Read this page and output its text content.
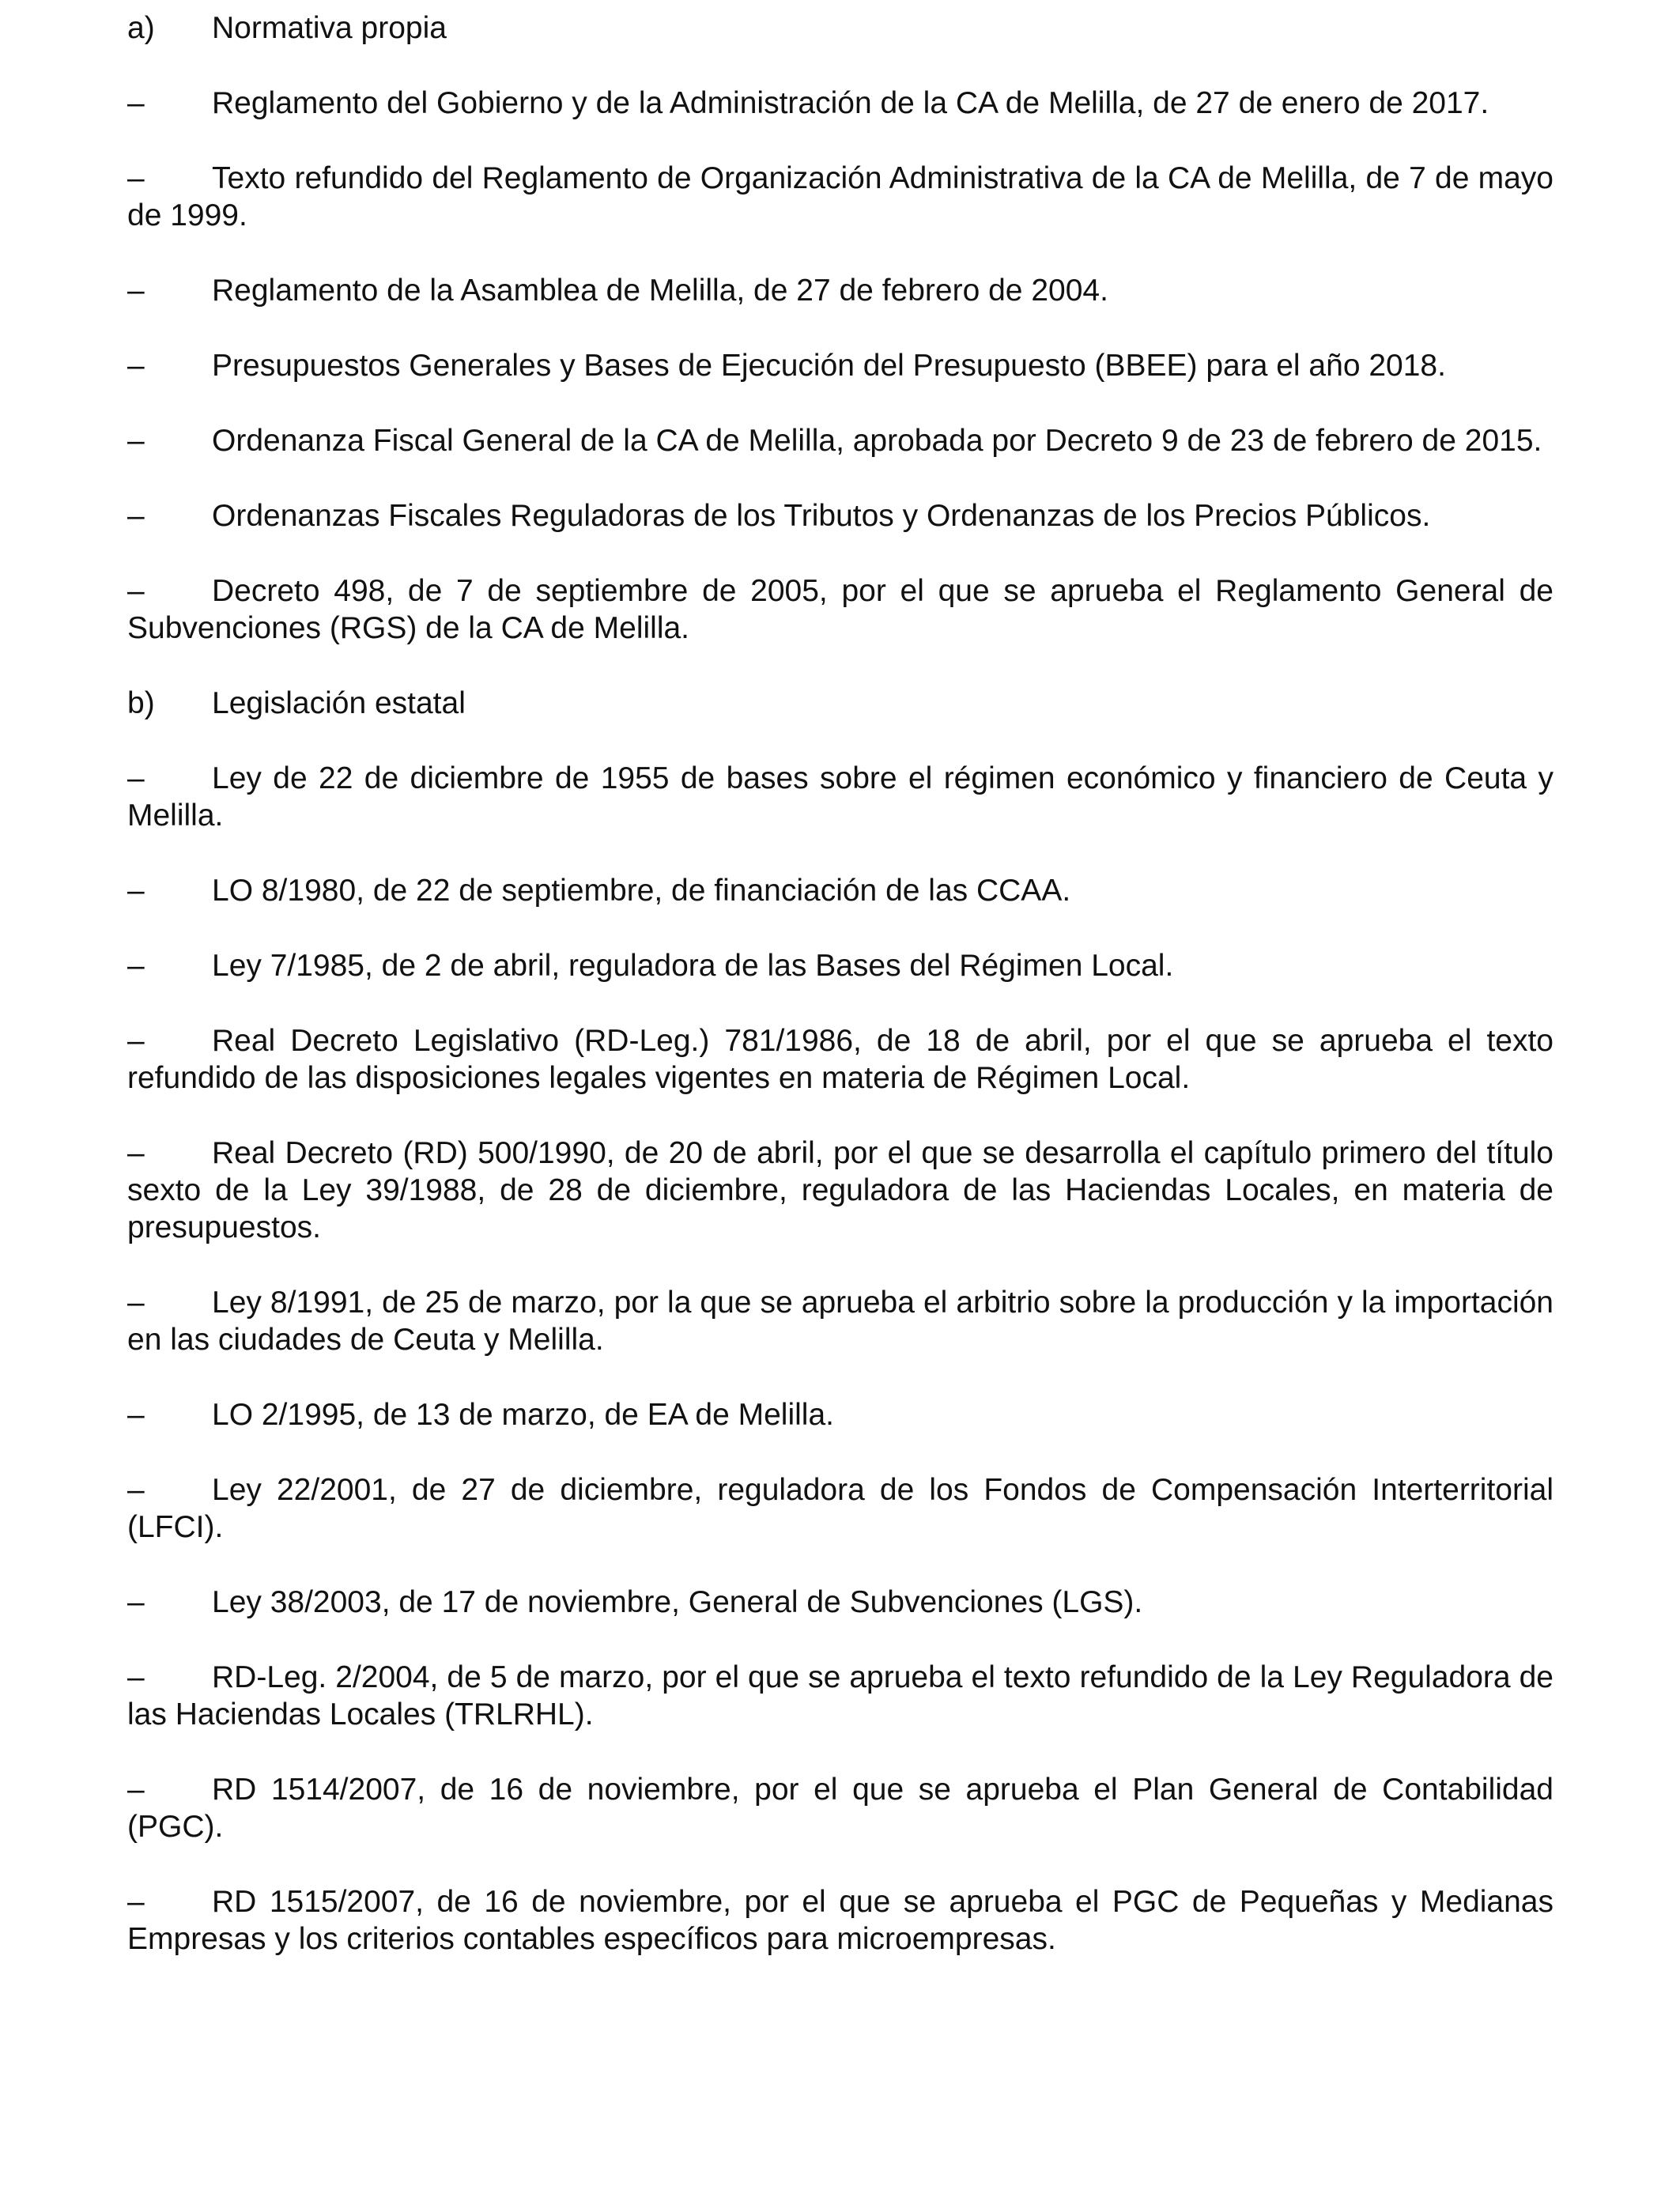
a) Normativa propia

– Reglamento del Gobierno y de la Administración de la CA de Melilla, de 27 de enero de 2017.

– Texto refundido del Reglamento de Organización Administrativa de la CA de Melilla, de 7 de mayo de 1999.

– Reglamento de la Asamblea de Melilla, de 27 de febrero de 2004.

– Presupuestos Generales y Bases de Ejecución del Presupuesto (BBEE) para el año 2018.

– Ordenanza Fiscal General de la CA de Melilla, aprobada por Decreto 9 de 23 de febrero de 2015.

– Ordenanzas Fiscales Reguladoras de los Tributos y Ordenanzas de los Precios Públicos.

– Decreto 498, de 7 de septiembre de 2005, por el que se aprueba el Reglamento General de Subvenciones (RGS) de la CA de Melilla.

b) Legislación estatal

– Ley de 22 de diciembre de 1955 de bases sobre el régimen económico y financiero de Ceuta y Melilla.

– LO 8/1980, de 22 de septiembre, de financiación de las CCAA.

– Ley 7/1985, de 2 de abril, reguladora de las Bases del Régimen Local.

– Real Decreto Legislativo (RD-Leg.) 781/1986, de 18 de abril, por el que se aprueba el texto refundido de las disposiciones legales vigentes en materia de Régimen Local.

– Real Decreto (RD) 500/1990, de 20 de abril, por el que se desarrolla el capítulo primero del título sexto de la Ley 39/1988, de 28 de diciembre, reguladora de las Haciendas Locales, en materia de presupuestos.

– Ley 8/1991, de 25 de marzo, por la que se aprueba el arbitrio sobre la producción y la importación en las ciudades de Ceuta y Melilla.

– LO 2/1995, de 13 de marzo, de EA de Melilla.

– Ley 22/2001, de 27 de diciembre, reguladora de los Fondos de Compensación Interterritorial (LFCI).

– Ley 38/2003, de 17 de noviembre, General de Subvenciones (LGS).

– RD-Leg. 2/2004, de 5 de marzo, por el que se aprueba el texto refundido de la Ley Reguladora de las Haciendas Locales (TRLRHL).

– RD 1514/2007, de 16 de noviembre, por el que se aprueba el Plan General de Contabilidad (PGC).

– RD 1515/2007, de 16 de noviembre, por el que se aprueba el PGC de Pequeñas y Medianas Empresas y los criterios contables específicos para microempresas.
